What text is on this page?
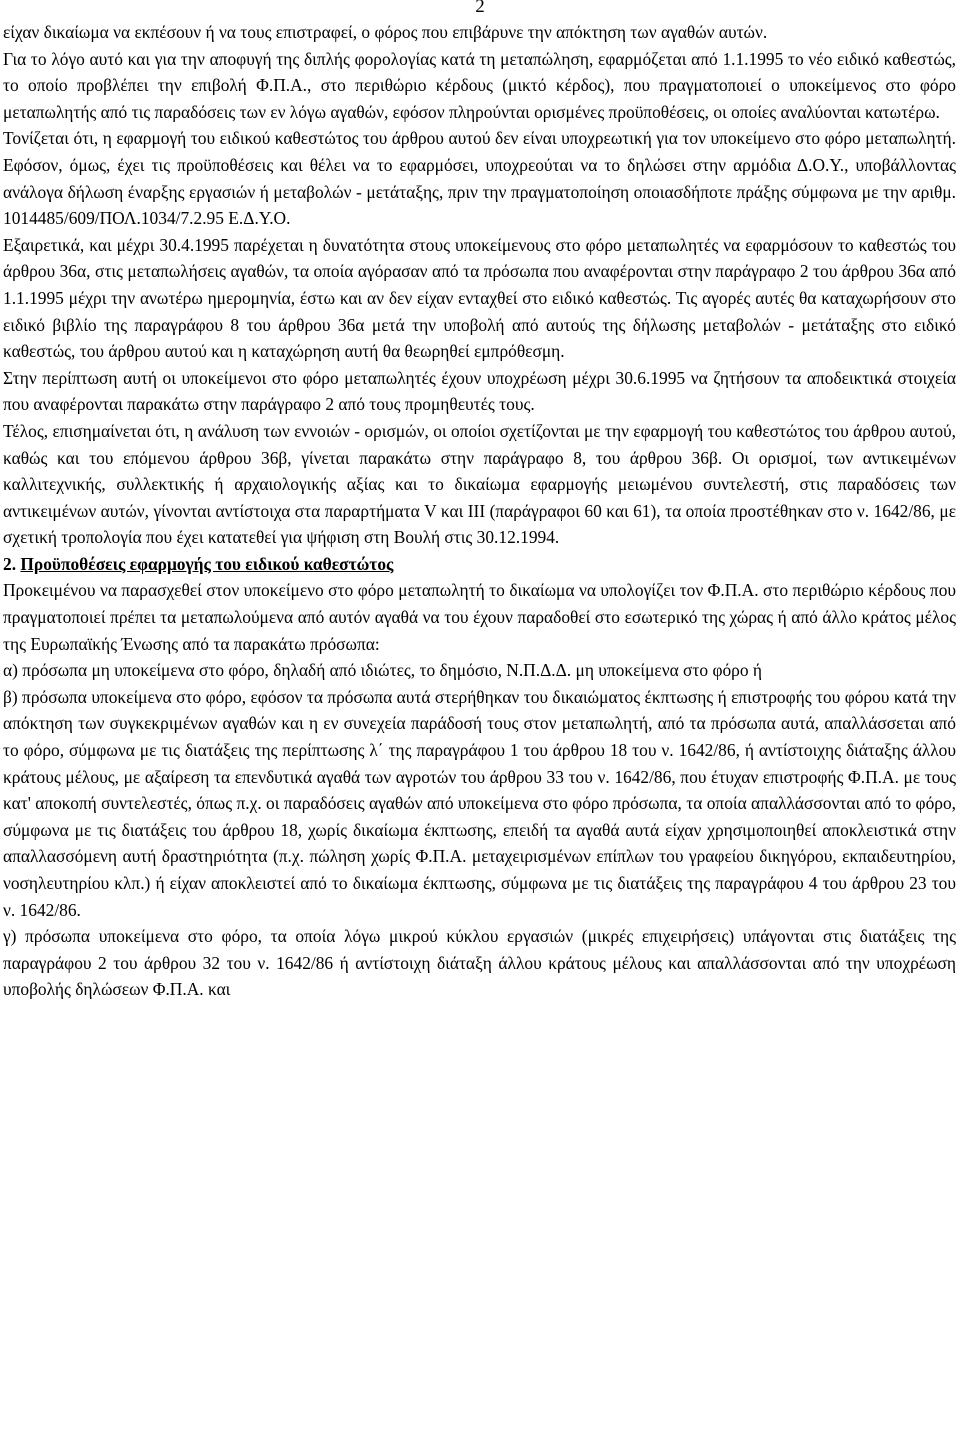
2

είχαν δικαίωμα να εκπέσουν ή να τους επιστραφεί, ο φόρος που επιβάρυνε την απόκτηση των αγαθών αυτών.

Για το λόγο αυτό και για την αποφυγή της διπλής φορολογίας κατά τη μεταπώληση, εφαρμόζεται από 1.1.1995 το νέο ειδικό καθεστώς, το οποίο προβλέπει την επιβολή Φ.Π.Α., στο περιθώριο κέρδους (μικτό κέρδος), που πραγματοποιεί ο υποκείμενος στο φόρο μεταπωλητής από τις παραδόσεις των εν λόγω αγαθών, εφόσον πληρούνται ορισμένες προϋποθέσεις, οι οποίες αναλύονται κατωτέρω.

Τονίζεται ότι, η εφαρμογή του ειδικού καθεστώτος του άρθρου αυτού δεν είναι υποχρεωτική για τον υποκείμενο στο φόρο μεταπωλητή. Εφόσον, όμως, έχει τις προϋποθέσεις και θέλει να το εφαρμόσει, υποχρεούται να το δηλώσει στην αρμόδια Δ.Ο.Υ., υποβάλλοντας ανάλογα δήλωση έναρξης εργασιών ή μεταβολών - μετάταξης, πριν την πραγματοποίηση οποιασδήποτε πράξης σύμφωνα με την αριθμ. 1014485/609/ΠΟΛ.1034/7.2.95 Ε.Δ.Υ.Ο.

Εξαιρετικά, και μέχρι 30.4.1995 παρέχεται η δυνατότητα στους υποκείμενους στο φόρο μεταπωλητές να εφαρμόσουν το καθεστώς του άρθρου 36α, στις μεταπωλήσεις αγαθών, τα οποία αγόρασαν από τα πρόσωπα που αναφέρονται στην παράγραφο 2 του άρθρου 36α από 1.1.1995 μέχρι την ανωτέρω ημερομηνία, έστω και αν δεν είχαν ενταχθεί στο ειδικό καθεστώς. Τις αγορές αυτές θα καταχωρήσουν στο ειδικό βιβλίο της παραγράφου 8 του άρθρου 36α μετά την υποβολή από αυτούς της δήλωσης μεταβολών - μετάταξης στο ειδικό καθεστώς, του άρθρου αυτού και η καταχώρηση αυτή θα θεωρηθεί εμπρόθεσμη.

Στην περίπτωση αυτή οι υποκείμενοι στο φόρο μεταπωλητές έχουν υποχρέωση μέχρι 30.6.1995 να ζητήσουν τα αποδεικτικά στοιχεία που αναφέρονται παρακάτω στην παράγραφο 2 από τους προμηθευτές τους.

Τέλος, επισημαίνεται ότι, η ανάλυση των εννοιών - ορισμών, οι οποίοι σχετίζονται με την εφαρμογή του καθεστώτος του άρθρου αυτού, καθώς και του επόμενου άρθρου 36β, γίνεται παρακάτω στην παράγραφο 8, του άρθρου 36β. Οι ορισμοί, των αντικειμένων καλλιτεχνικής, συλλεκτικής ή αρχαιολογικής αξίας και το δικαίωμα εφαρμογής μειωμένου συντελεστή, στις παραδόσεις των αντικειμένων αυτών, γίνονται αντίστοιχα στα παραρτήματα V και ΙΙΙ (παράγραφοι 60 και 61), τα οποία προστέθηκαν στο ν. 1642/86, με σχετική τροπολογία που έχει κατατεθεί για ψήφιση στη Βουλή στις 30.12.1994.

2. Προϋποθέσεις εφαρμογής του ειδικού καθεστώτος

Προκειμένου να παρασχεθεί στον υποκείμενο στο φόρο μεταπωλητή το δικαίωμα να υπολογίζει τον Φ.Π.Α. στο περιθώριο κέρδους που πραγματοποιεί πρέπει τα μεταπωλούμενα από αυτόν αγαθά να του έχουν παραδοθεί στο εσωτερικό της χώρας ή από άλλο κράτος μέλος της Ευρωπαϊκής Ένωσης από τα παρακάτω πρόσωπα:

α) πρόσωπα μη υποκείμενα στο φόρο, δηλαδή από ιδιώτες, το δημόσιο, Ν.Π.Δ.Δ. μη υποκείμενα στο φόρο ή

β) πρόσωπα υποκείμενα στο φόρο, εφόσον τα πρόσωπα αυτά στερήθηκαν του δικαιώματος έκπτωσης ή επιστροφής του φόρου κατά την απόκτηση των συγκεκριμένων αγαθών και η εν συνεχεία παράδοσή τους στον μεταπωλητή, από τα πρόσωπα αυτά, απαλλάσσεται από το φόρο, σύμφωνα με τις διατάξεις της περίπτωσης λ΄ της παραγράφου 1 του άρθρου 18 του ν. 1642/86, ή αντίστοιχης διάταξης άλλου κράτους μέλους, με αξαίρεση τα επενδυτικά αγαθά των αγροτών του άρθρου 33 του ν. 1642/86, που έτυχαν επιστροφής Φ.Π.Α. με τους κατ' αποκοπή συντελεστές, όπως π.χ. οι παραδόσεις αγαθών από υποκείμενα στο φόρο πρόσωπα, τα οποία απαλλάσσονται από το φόρο, σύμφωνα με τις διατάξεις του άρθρου 18, χωρίς δικαίωμα έκπτωσης, επειδή τα αγαθά αυτά είχαν χρησιμοποιηθεί αποκλειστικά στην απαλλασσόμενη αυτή δραστηριότητα (π.χ. πώληση χωρίς Φ.Π.Α. μεταχειρισμένων επίπλων του γραφείου δικηγόρου, εκπαιδευτηρίου, νοσηλευτηρίου κλπ.) ή είχαν αποκλειστεί από το δικαίωμα έκπτωσης, σύμφωνα με τις διατάξεις της παραγράφου 4 του άρθρου 23 του ν. 1642/86.

γ) πρόσωπα υποκείμενα στο φόρο, τα οποία λόγω μικρού κύκλου εργασιών (μικρές επιχειρήσεις) υπάγονται στις διατάξεις της παραγράφου 2 του άρθρου 32 του ν. 1642/86 ή αντίστοιχη διάταξη άλλου κράτους μέλους και απαλλάσσονται από την υποχρέωση υποβολής δηλώσεων Φ.Π.Α. και
